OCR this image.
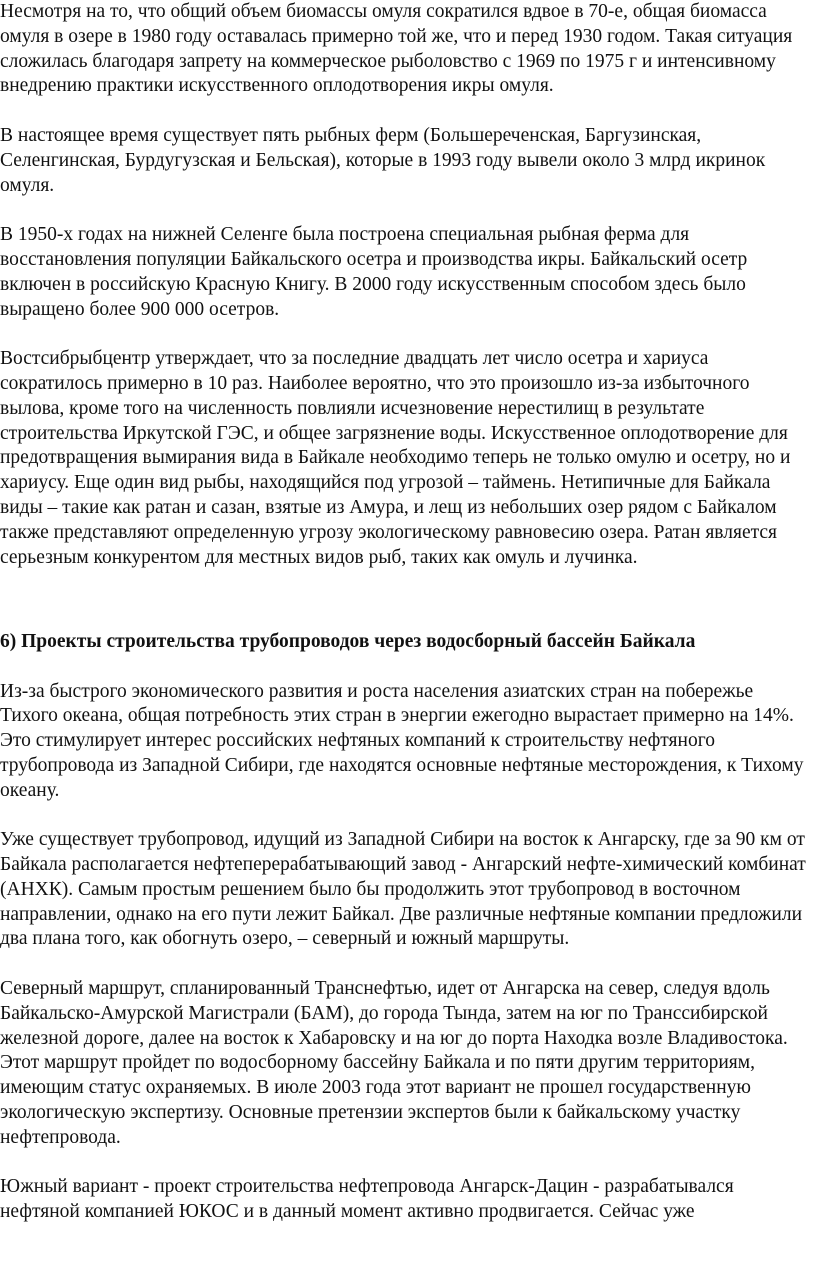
Несмотря на то, что общий объем биомассы омуля сократился вдвое в 70-е, общая биомасса омуля в озере в 1980 году оставалась примерно той же, что и перед 1930 годом. Такая ситуация сложилась благодаря запрету на коммерческое рыболовство с 1969 по 1975 г и интенсивному внедрению практики искусственного оплодотворения икры омуля.

В настоящее время существует пять рыбных ферм (Большереченская, Баргузинская, Селенгинская, Бурдугузская и Бельская), которые в 1993 году вывели около 3 млрд икринок омуля.

В 1950-х годах на нижней Селенге была построена специальная рыбная ферма для восстановления популяции Байкальского осетра и производства икры. Байкальский осетр включен в российскую Красную Книгу. В 2000 году искусственным способом здесь было выращено более 900 000 осетров.

Востсибрыбцентр утверждает, что за последние двадцать лет число осетра и хариуса сократилось примерно в 10 раз. Наиболее вероятно, что это произошло из-за избыточного вылова, кроме того на численность повлияли исчезновение нерестилищ в результате строительства Иркутской ГЭС, и общее загрязнение воды. Искусственное оплодотворение для предотвращения вымирания вида в Байкале необходимо теперь не только омулю и осетру, но и хариусу. Еще один вид рыбы, находящийся под угрозой – таймень. Нетипичные для Байкала виды – такие как ратан и сазан, взятые из Амура, и лещ из небольших озер рядом с Байкалом также представляют определенную угрозу экологическому равновесию озера. Ратан является серьезным конкурентом для местных видов рыб, таких как омуль и лучинка.

6) Проекты строительства трубопроводов через водосборный бассейн Байкала

Из-за быстрого экономического развития и роста населения азиатских стран на побережье Тихого океана, общая потребность этих стран в энергии ежегодно вырастает примерно на 14%. Это стимулирует интерес российских нефтяных компаний к строительству нефтяного трубопровода из Западной Сибири, где находятся основные нефтяные месторождения, к Тихому океану.

Уже существует трубопровод, идущий из Западной Сибири на восток к Ангарску, где за 90 км от Байкала располагается нефтеперерабатывающий завод - Ангарский нефте-химический комбинат (АНХК). Самым простым решением было бы продолжить этот трубопровод в восточном направлении, однако на его пути лежит Байкал. Две различные нефтяные компании предложили два плана того, как обогнуть озеро, – северный и южный маршруты.

Северный маршрут, спланированный Транснефтью, идет от Ангарска на север, следуя вдоль Байкальско-Амурской Магистрали (БАМ), до города Тында, затем на юг по Транссибирской железной дороге, далее на восток к Хабаровску и на юг до порта Находка возле Владивостока. Этот маршрут пройдет по водосборному бассейну Байкала и по пяти другим территориям, имеющим статус охраняемых. В июле 2003 года этот вариант не прошел государственную экологическую экспертизу. Основные претензии экспертов были к байкальскому участку нефтепровода.

Южный вариант - проект строительства нефтепровода Ангарск-Дацин - разрабатывался нефтяной компанией ЮКОС и в данный момент активно продвигается. Сейчас уже
